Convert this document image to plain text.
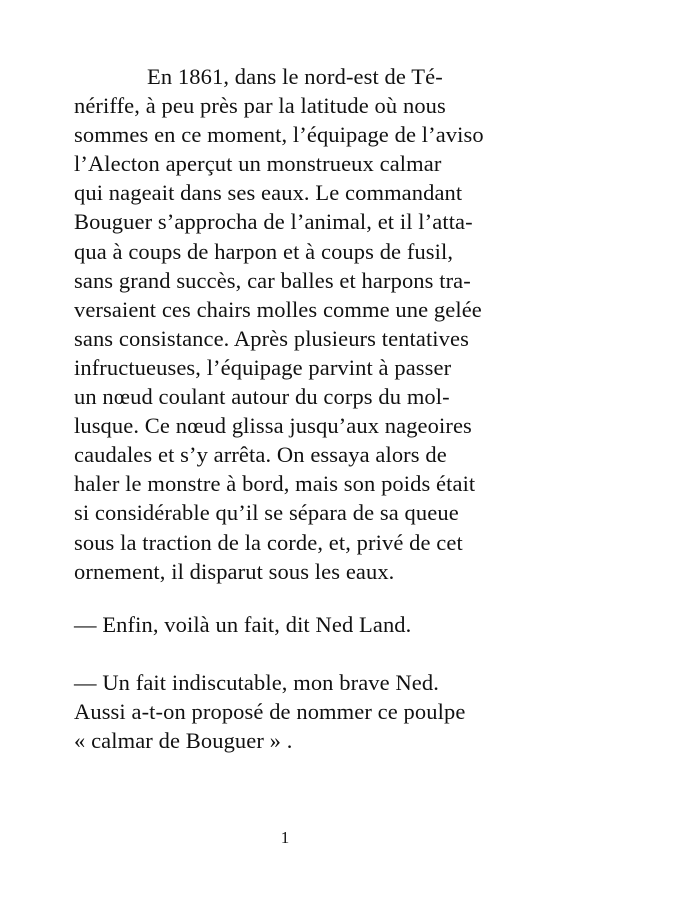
En 1861, dans le nord-est de Té-
nériffe, à peu près par la latitude où nous
sommes en ce moment, l’équipage de l’aviso
l’Alecton aperçut un monstrueux calmar
qui nageait dans ses eaux. Le commandant
Bouguer s’approcha de l’animal, et il l’atta-
qua à coups de harpon et à coups de fusil,
sans grand succès, car balles et harpons tra-
versaient ces chairs molles comme une gelée
sans consistance. Après plusieurs tentatives
infructueuses, l’équipage parvint à passer
un nœud coulant autour du corps du mol-
lusque. Ce nœud glissa jusqu’aux nageoires
caudales et s’y arrêta. On essaya alors de
haler le monstre à bord, mais son poids était
si considérable qu’il se sépara de sa queue
sous la traction de la corde, et, privé de cet
ornement, il disparut sous les eaux.
— Enfin, voilà un fait, dit Ned Land.
— Un fait indiscutable, mon brave Ned.
Aussi a-t-on proposé de nommer ce poulpe
« calmar de Bouguer » .
1
